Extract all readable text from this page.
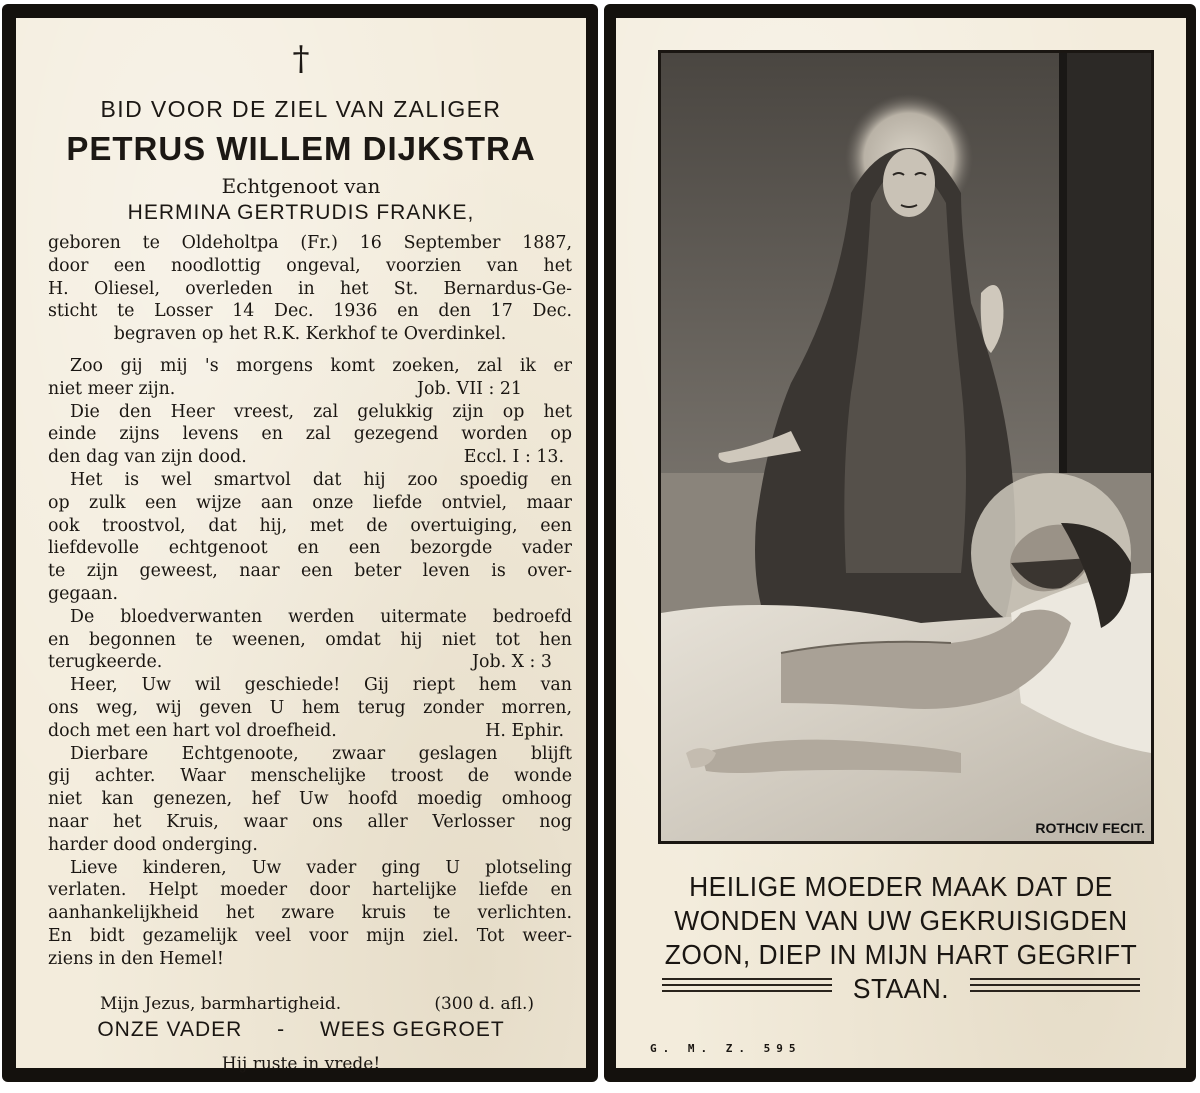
†
BID VOOR DE ZIEL VAN ZALIGER
PETRUS WILLEM DIJKSTRA
Echtgenoot van
HERMINA GERTRUDIS FRANKE,
geboren te Oldeholtpa (Fr.) 16 September 1887,
door een noodlottig ongeval, voorzien van het
H. Oliesel, overleden in het St. Bernardus-Ge-
sticht te Losser 14 Dec. 1936 en den 17 Dec.
begraven op het R.K. Kerkhof te Overdinkel.
Zoo gij mij 's morgens komt zoeken, zal ik er
niet meer zijn.	Job. VII : 21
Die den Heer vreest, zal gelukkig zijn op het
einde zijns levens en zal gezegend worden op
den dag van zijn dood.	Eccl. I : 13.
Het is wel smartvol dat hij zoo spoedig en
op zulk een wijze aan onze liefde ontviel, maar
ook troostvol, dat hij, met de overtuiging, een
liefdevolle echtgenoot en een bezorgde vader
te zijn geweest, naar een beter leven is over-
gegaan.
De bloedverwanten werden uitermate bedroefd
en begonnen te weenen, omdat hij niet tot hen
terugkeerde.	Job. X : 3
Heer, Uw wil geschiede! Gij riept hem van
ons weg, wij geven U hem terug zonder morren,
doch met een hart vol droefheid.	H. Ephir.
Dierbare Echtgenoote, zwaar geslagen blijft
gij achter. Waar menschelijke troost de wonde
niet kan genezen, hef Uw hoofd moedig omhoog
naar het Kruis, waar ons aller Verlosser nog
harder dood onderging.
Lieve kinderen, Uw vader ging U plotseling
verlaten. Helpt moeder door hartelijke liefde en
aanhankelijkheid het zware kruis te verlichten.
En bidt gezamelijk veel voor mijn ziel. Tot weer-
ziens in den Hemel!
Mijn Jezus, barmhartigheid.	(300 d. afl.)
ONZE VADER - WEES GEGROET
Hij ruste in vrede!
ROTHCIV FECIT.
HEILIGE MOEDER MAAK DAT DE
WONDEN VAN UW GEKRUISIGDEN
ZOON, DIEP IN MIJN HART GEGRIFT
STAAN.
G. M. Z. 595
